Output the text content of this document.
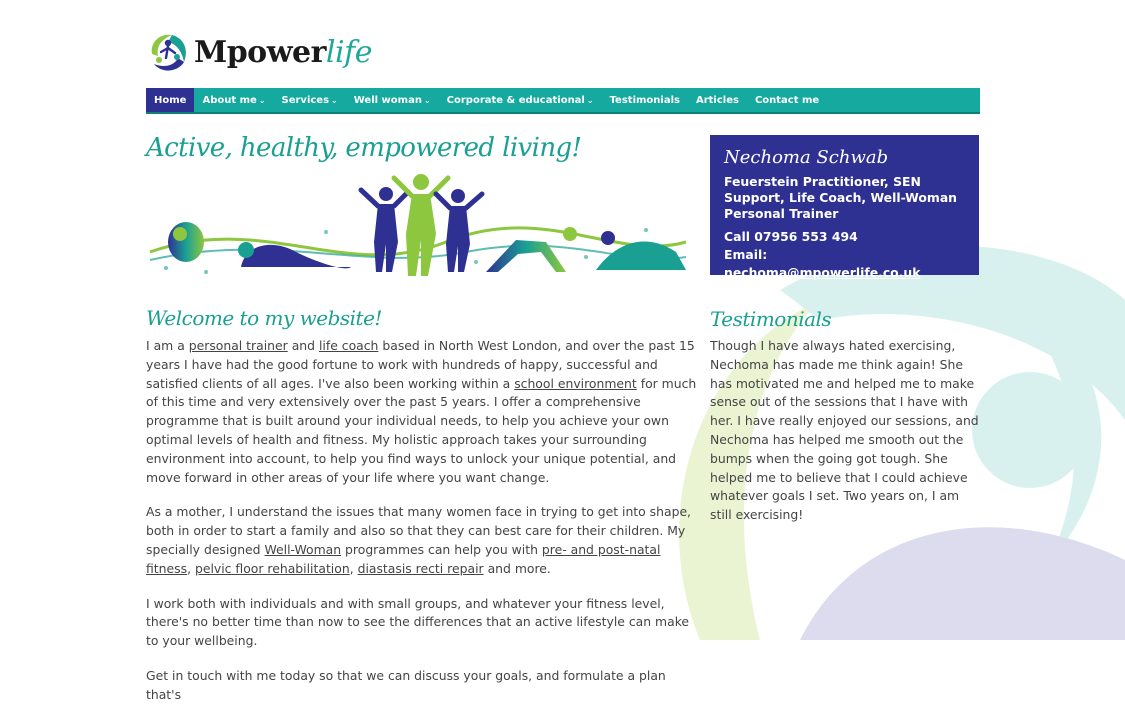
Mpowerlife
Home About me ⌄ Services ⌄ Well woman ⌄ Corporate & educational ⌄ Testimonials Articles Contact me
Active, healthy, empowered living!
Welcome to my website!

I am a personal trainer and life coach based in North West London, and over the past 15 years I have had the good fortune to work with hundreds of happy, successful and satisfied clients of all ages. I've also been working within a school environment for much of this time and very extensively over the past 5 years. I offer a comprehensive programme that is built around your individual needs, to help you achieve your own optimal levels of health and fitness. My holistic approach takes your surrounding environment into account, to help you find ways to unlock your unique potential, and move forward in other areas of your life where you want change.

As a mother, I understand the issues that many women face in trying to get into shape, both in order to start a family and also so that they can best care for their children. My specially designed Well-Woman programmes can help you with pre- and post-natal fitness, pelvic floor rehabilitation, diastasis recti repair and more.

I work both with individuals and with small groups, and whatever your fitness level, there's no better time than now to see the differences that an active lifestyle can make to your wellbeing.

Get in touch with me today so that we can discuss your goals, and formulate a plan that's

Nechoma Schwab
Feuerstein Practitioner, SEN Support, Life Coach, Well-Woman Personal Trainer
Call 07956 553 494
Email: nechoma@mpowerlife.co.uk
Testimonials
Though I have always hated exercising, Nechoma has made me think again! She has motivated me and helped me to make sense out of the sessions that I have with her. I have really enjoyed our sessions, and Nechoma has helped me smooth out the bumps when the going got tough. She helped me to believe that I could achieve whatever goals I set. Two years on, I am still exercising!
